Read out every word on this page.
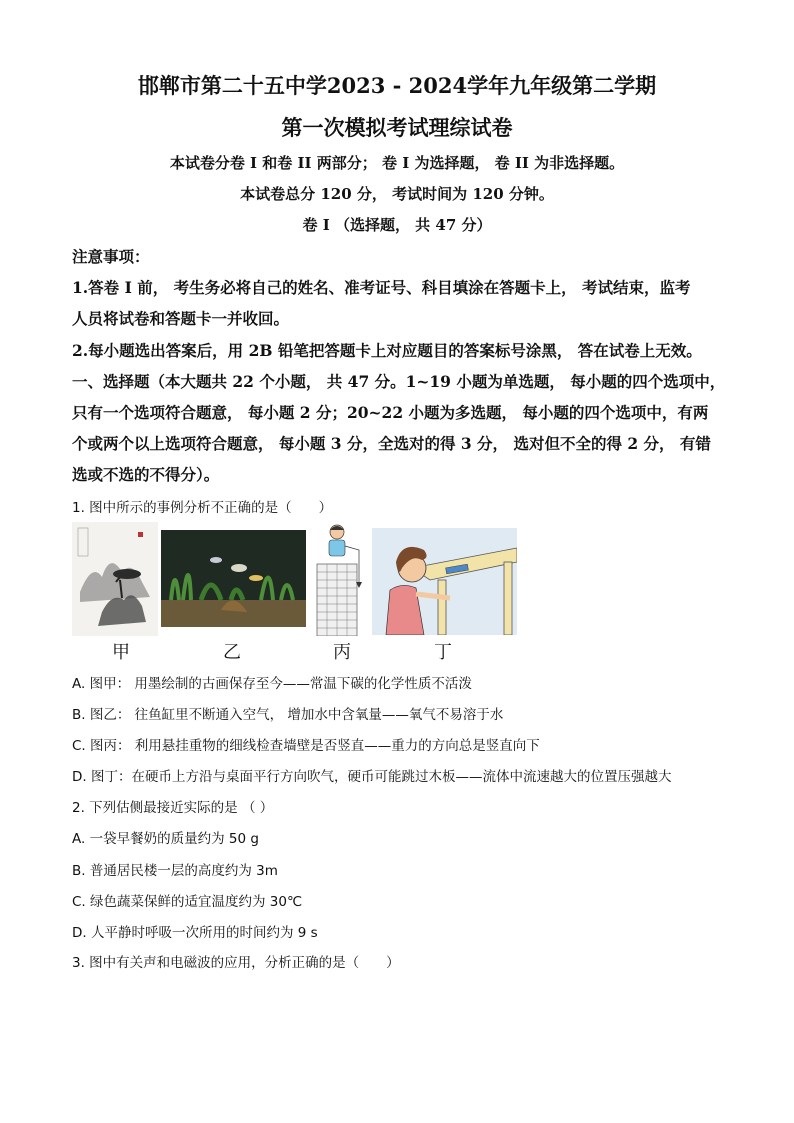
邯郸市第二十五中学2023 - 2024学年九年级第二学期
第一次模拟考试理综试卷
本试卷分卷 I 和卷 II 两部分； 卷 I 为选择题， 卷 II 为非选择题。
本试卷总分 120 分， 考试时间为 120 分钟。
卷 Ⅰ （选择题， 共 47 分）
注意事项：
1.答卷 I 前， 考生务必将自己的姓名、准考证号、科目填涂在答题卡上， 考试结束，监考
人员将试卷和答题卡一并收回。
2.每小题选出答案后，用 2B 铅笔把答题卡上对应题目的答案标号涂黑， 答在试卷上无效。
一、选择题（本大题共 22 个小题， 共 47 分。1~19 小题为单选题， 每小题的四个选项中，
只有一个选项符合题意， 每小题 2 分；20~22 小题为多选题， 每小题的四个选项中，有两
个或两个以上选项符合题意， 每小题 3 分，全选对的得 3 分， 选对但不全的得 2 分， 有错
选或不选的不得分）。
1. 图中所示的事例分析不正确的是（　　）
甲	乙	丙	丁
A. 图甲： 用墨绘制的古画保存至今——常温下碳的化学性质不活泼
B. 图乙： 往鱼缸里不断通入空气， 增加水中含氧量——氧气不易溶于水
C. 图丙： 利用悬挂重物的细线检查墙壁是否竖直——重力的方向总是竖直向下
D. 图丁：在硬币上方沿与桌面平行方向吹气，硬币可能跳过木板——流体中流速越大的位置压强越大
2. 下列估侧最接近实际的是 （ ）
A. 一袋早餐奶的质量约为 50 g
B. 普通居民楼一层的高度约为 3m
C. 绿色蔬菜保鲜的适宜温度约为 30℃
D. 人平静时呼吸一次所用的时间约为 9 s
3. 图中有关声和电磁波的应用，分析正确的是（　　）
